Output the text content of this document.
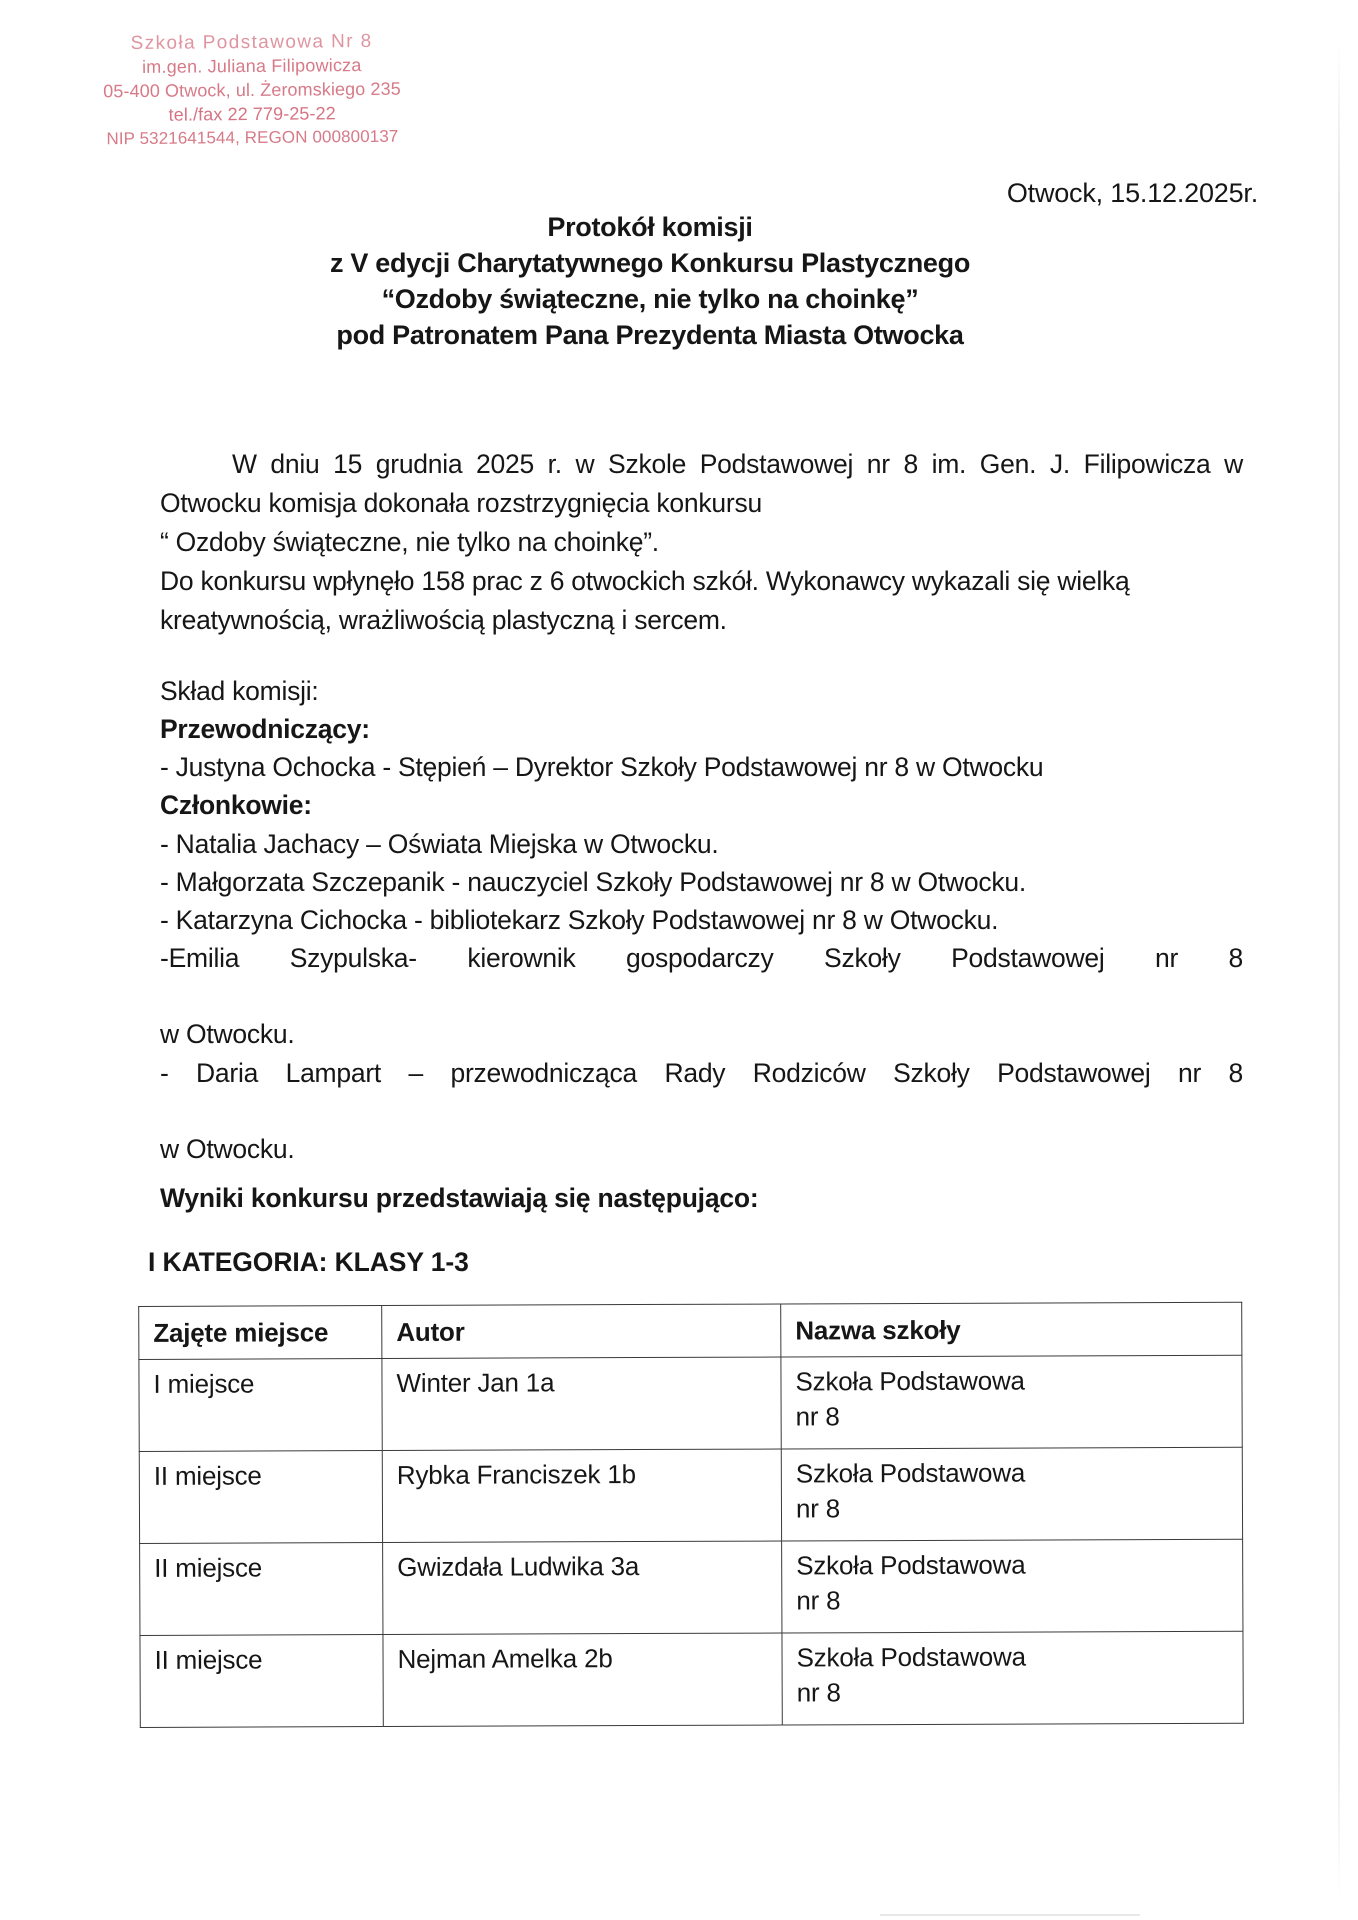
Szkoła Podstawowa Nr 8
im.gen. Juliana Filipowicza
05-400 Otwock, ul. Żeromskiego 235
tel./fax 22 779-25-22
NIP 5321641544, REGON 000800137
Otwock, 15.12.2025r.
Protokół komisji
z V edycji Charytatywnego Konkursu Plastycznego
“Ozdoby świąteczne, nie tylko na choinkę”
pod Patronatem Pana Prezydenta Miasta Otwocka
W dniu 15 grudnia 2025 r. w Szkole Podstawowej nr 8 im. Gen. J. Filipowicza w Otwocku komisja dokonała rozstrzygnięcia konkursu
“ Ozdoby świąteczne, nie tylko na choinkę”.
Do konkursu wpłynęło 158 prac z 6 otwockich szkół. Wykonawcy wykazali się wielką kreatywnością, wrażliwością plastyczną i sercem.
Skład komisji:
Przewodniczący:
- Justyna Ochocka - Stępień – Dyrektor Szkoły Podstawowej nr 8 w Otwocku
Członkowie:
- Natalia Jachacy – Oświata Miejska w Otwocku.
- Małgorzata Szczepanik - nauczyciel Szkoły Podstawowej nr 8 w Otwocku.
- Katarzyna Cichocka - bibliotekarz Szkoły Podstawowej nr 8 w Otwocku.
-Emilia Szypulska- kierownik gospodarczy Szkoły Podstawowej nr 8
w Otwocku.
- Daria Lampart – przewodnicząca Rady Rodziców Szkoły Podstawowej nr 8
w Otwocku.
Wyniki konkursu przedstawiają się następująco:
I KATEGORIA: KLASY 1-3
Zajęte miejsce	Autor	Nazwa szkoły
I miejsce	Winter Jan 1a	Szkoła Podstawowa
nr 8

II miejsce	Rybka Franciszek 1b	Szkoła Podstawowa
nr 8

II miejsce	Gwizdała Ludwika 3a	Szkoła Podstawowa
nr 8

II miejsce	Nejman Amelka 2b	Szkoła Podstawowa
nr 8
